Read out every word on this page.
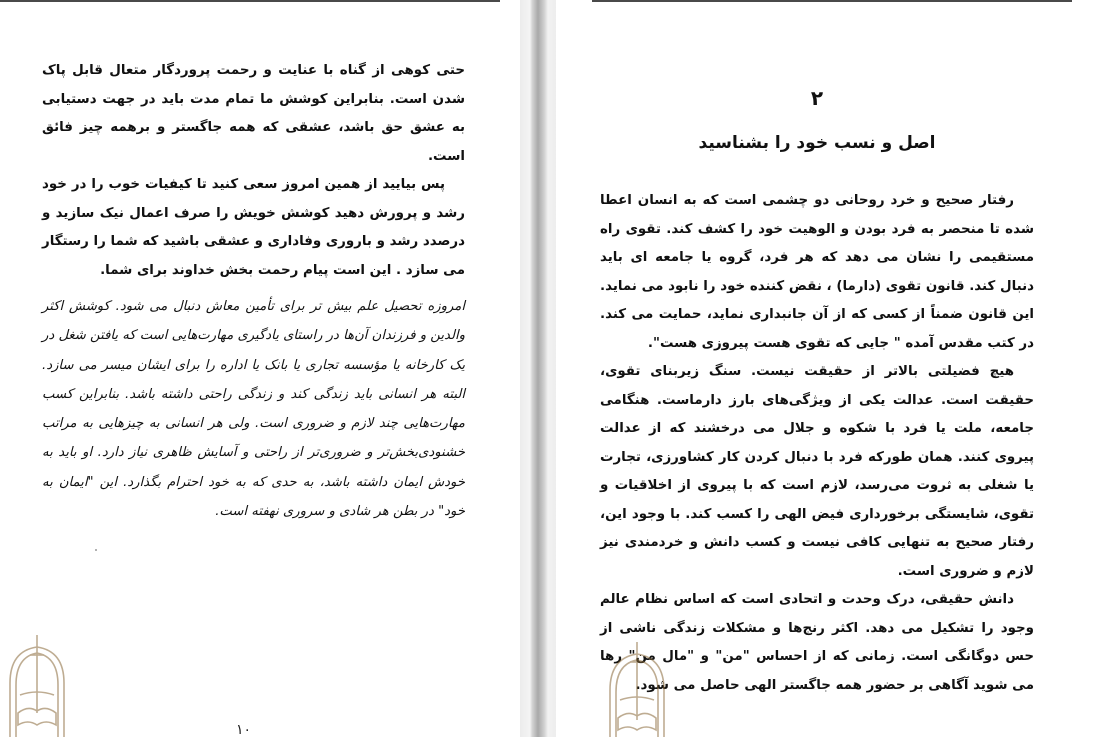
حتی کوهی از گناه با عنایت و رحمت پروردگار متعال قابل پاک شدن است. بنابراین کوشش ما تمام مدت باید در جهت دستیابی به عشق حق باشد، عشقی که همه جاگستر و برهمه چیز فائق است.

پس بیایید از همین امروز سعی کنید تا کیفیات خوب را در خود رشد و پرورش دهید کوشش خویش را صرف اعمال نیک سازید و درصدد رشد و باروری وفاداری و عشقی باشید که شما را رستگار می سازد . این است پیام رحمت بخش خداوند برای شما.

امروزه تحصیل علم بیش تر برای تأمین معاش دنبال می شود. کوشش اکثر والدین و فرزندان آن‌ها در راستای یادگیری مهارت‌هایی است که یافتن شغل در یک کارخانه یا مؤسسه تجاری یا بانک یا اداره را برای ایشان میسر می سازد. البته هر انسانی باید زندگی کند و زندگی راحتی داشته باشد. بنابراین کسب مهارت‌هایی چند لازم و ضروری است. ولی هر انسانی به چیزهایی به مراتب خشنودی‌بخش‌تر و ضروری‌تر از راحتی و آسایش ظاهری نیاز دارد. او باید به خودش ایمان داشته باشد، به حدی که به خود احترام بگذارد. این "ایمان به خود" در بطن هر شادی و سروری نهفته است.

۱۰
۲
اصل و نسب خود را بشناسید

رفتار صحیح و خرد روحانی دو چشمی است که به انسان اعطا شده تا منحصر به فرد بودن و الوهیت خود را کشف کند. تقوی راه مستقیمی را نشان می دهد که هر فرد، گروه یا جامعه ای باید دنبال کند. قانون تقوی (دارما) ، نقض کننده خود را نابود می نماید. این قانون ضمناً از کسی که از آن جانبداری نماید، حمایت می کند. در کتب مقدس آمده " جایی که تقوی هست پیروزی هست".

هیچ فضیلتی بالاتر از حقیقت نیست. سنگ زیربنای تقوی، حقیقت است. عدالت یکی از ویژگی‌های بارز دارماست. هنگامی جامعه، ملت یا فرد با شکوه و جلال می درخشند که از عدالت پیروی کنند. همان طورکه فرد با دنبال کردن کار کشاورزی، تجارت یا شغلی به ثروت می‌رسد، لازم است که با پیروی از اخلاقیات و تقوی، شایستگی برخورداری فیض الهی را کسب کند. با وجود این، رفتار صحیح به تنهایی کافی نیست و کسب دانش و خردمندی نیز لازم و ضروری است.

دانش حقیقی، درک وحدت و اتحادی است که اساس نظام عالم وجود را تشکیل می دهد. اکثر رنج‌ها و مشکلات زندگی ناشی از حس دوگانگی است. زمانی که از احساس "من" و "مال من" رها می شوید آگاهی بر حضور همه جاگستر الهی حاصل می شود.
